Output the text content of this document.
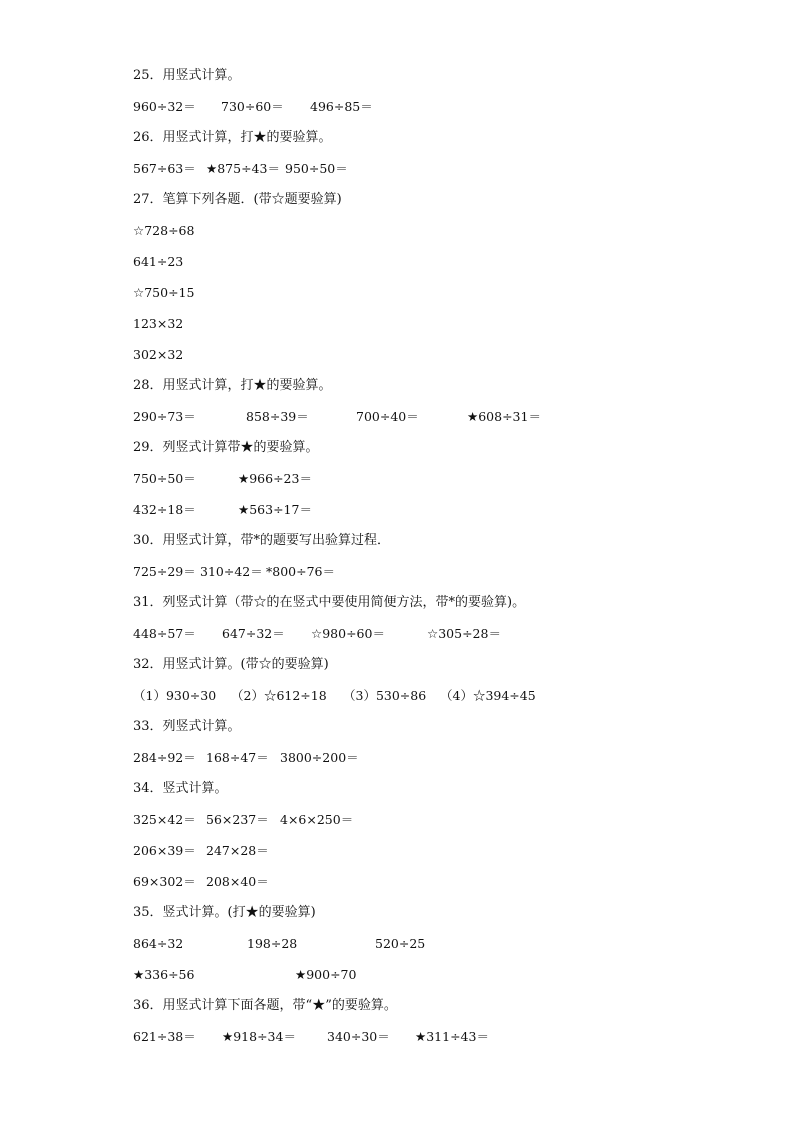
25．用竖式计算。
960÷32＝ 730÷60＝ 496÷85＝
26．用竖式计算，打★的要验算。
567÷63＝ ★875÷43＝ 950÷50＝
27．笔算下列各题．(带☆题要验算)
☆728÷68
641÷23
☆750÷15
123×32
302×32
28．用竖式计算，打★的要验算。
290÷73＝	858÷39＝	700÷40＝	★608÷31＝
29．列竖式计算带★的要验算。
750÷50＝	★966÷23＝
432÷18＝	★563÷17＝
30．用竖式计算，带*的题要写出验算过程．
725÷29＝ 310÷42＝ *800÷76＝
31．列竖式计算（带☆的在竖式中要使用简便方法，带*的要验算)。
448÷57＝ 647÷32＝ ☆980÷60＝	☆305÷28＝
32．用竖式计算。(带☆的要验算)
（1）930÷30 （2）☆612÷18 （3）530÷86 （4）☆394÷45
33．列竖式计算。
284÷92＝ 168÷47＝ 3800÷200＝
34．竖式计算。
325×42＝ 56×237＝ 4×6×250＝
206×39＝ 247×28＝
69×302＝ 208×40＝
35．竖式计算。(打★的要验算)
864÷32	198÷28	520÷25
★336÷56	★900÷70
36．用竖式计算下面各题，带“★”的要验算。
621÷38＝ ★918÷34＝ 340÷30＝ ★311÷43＝
